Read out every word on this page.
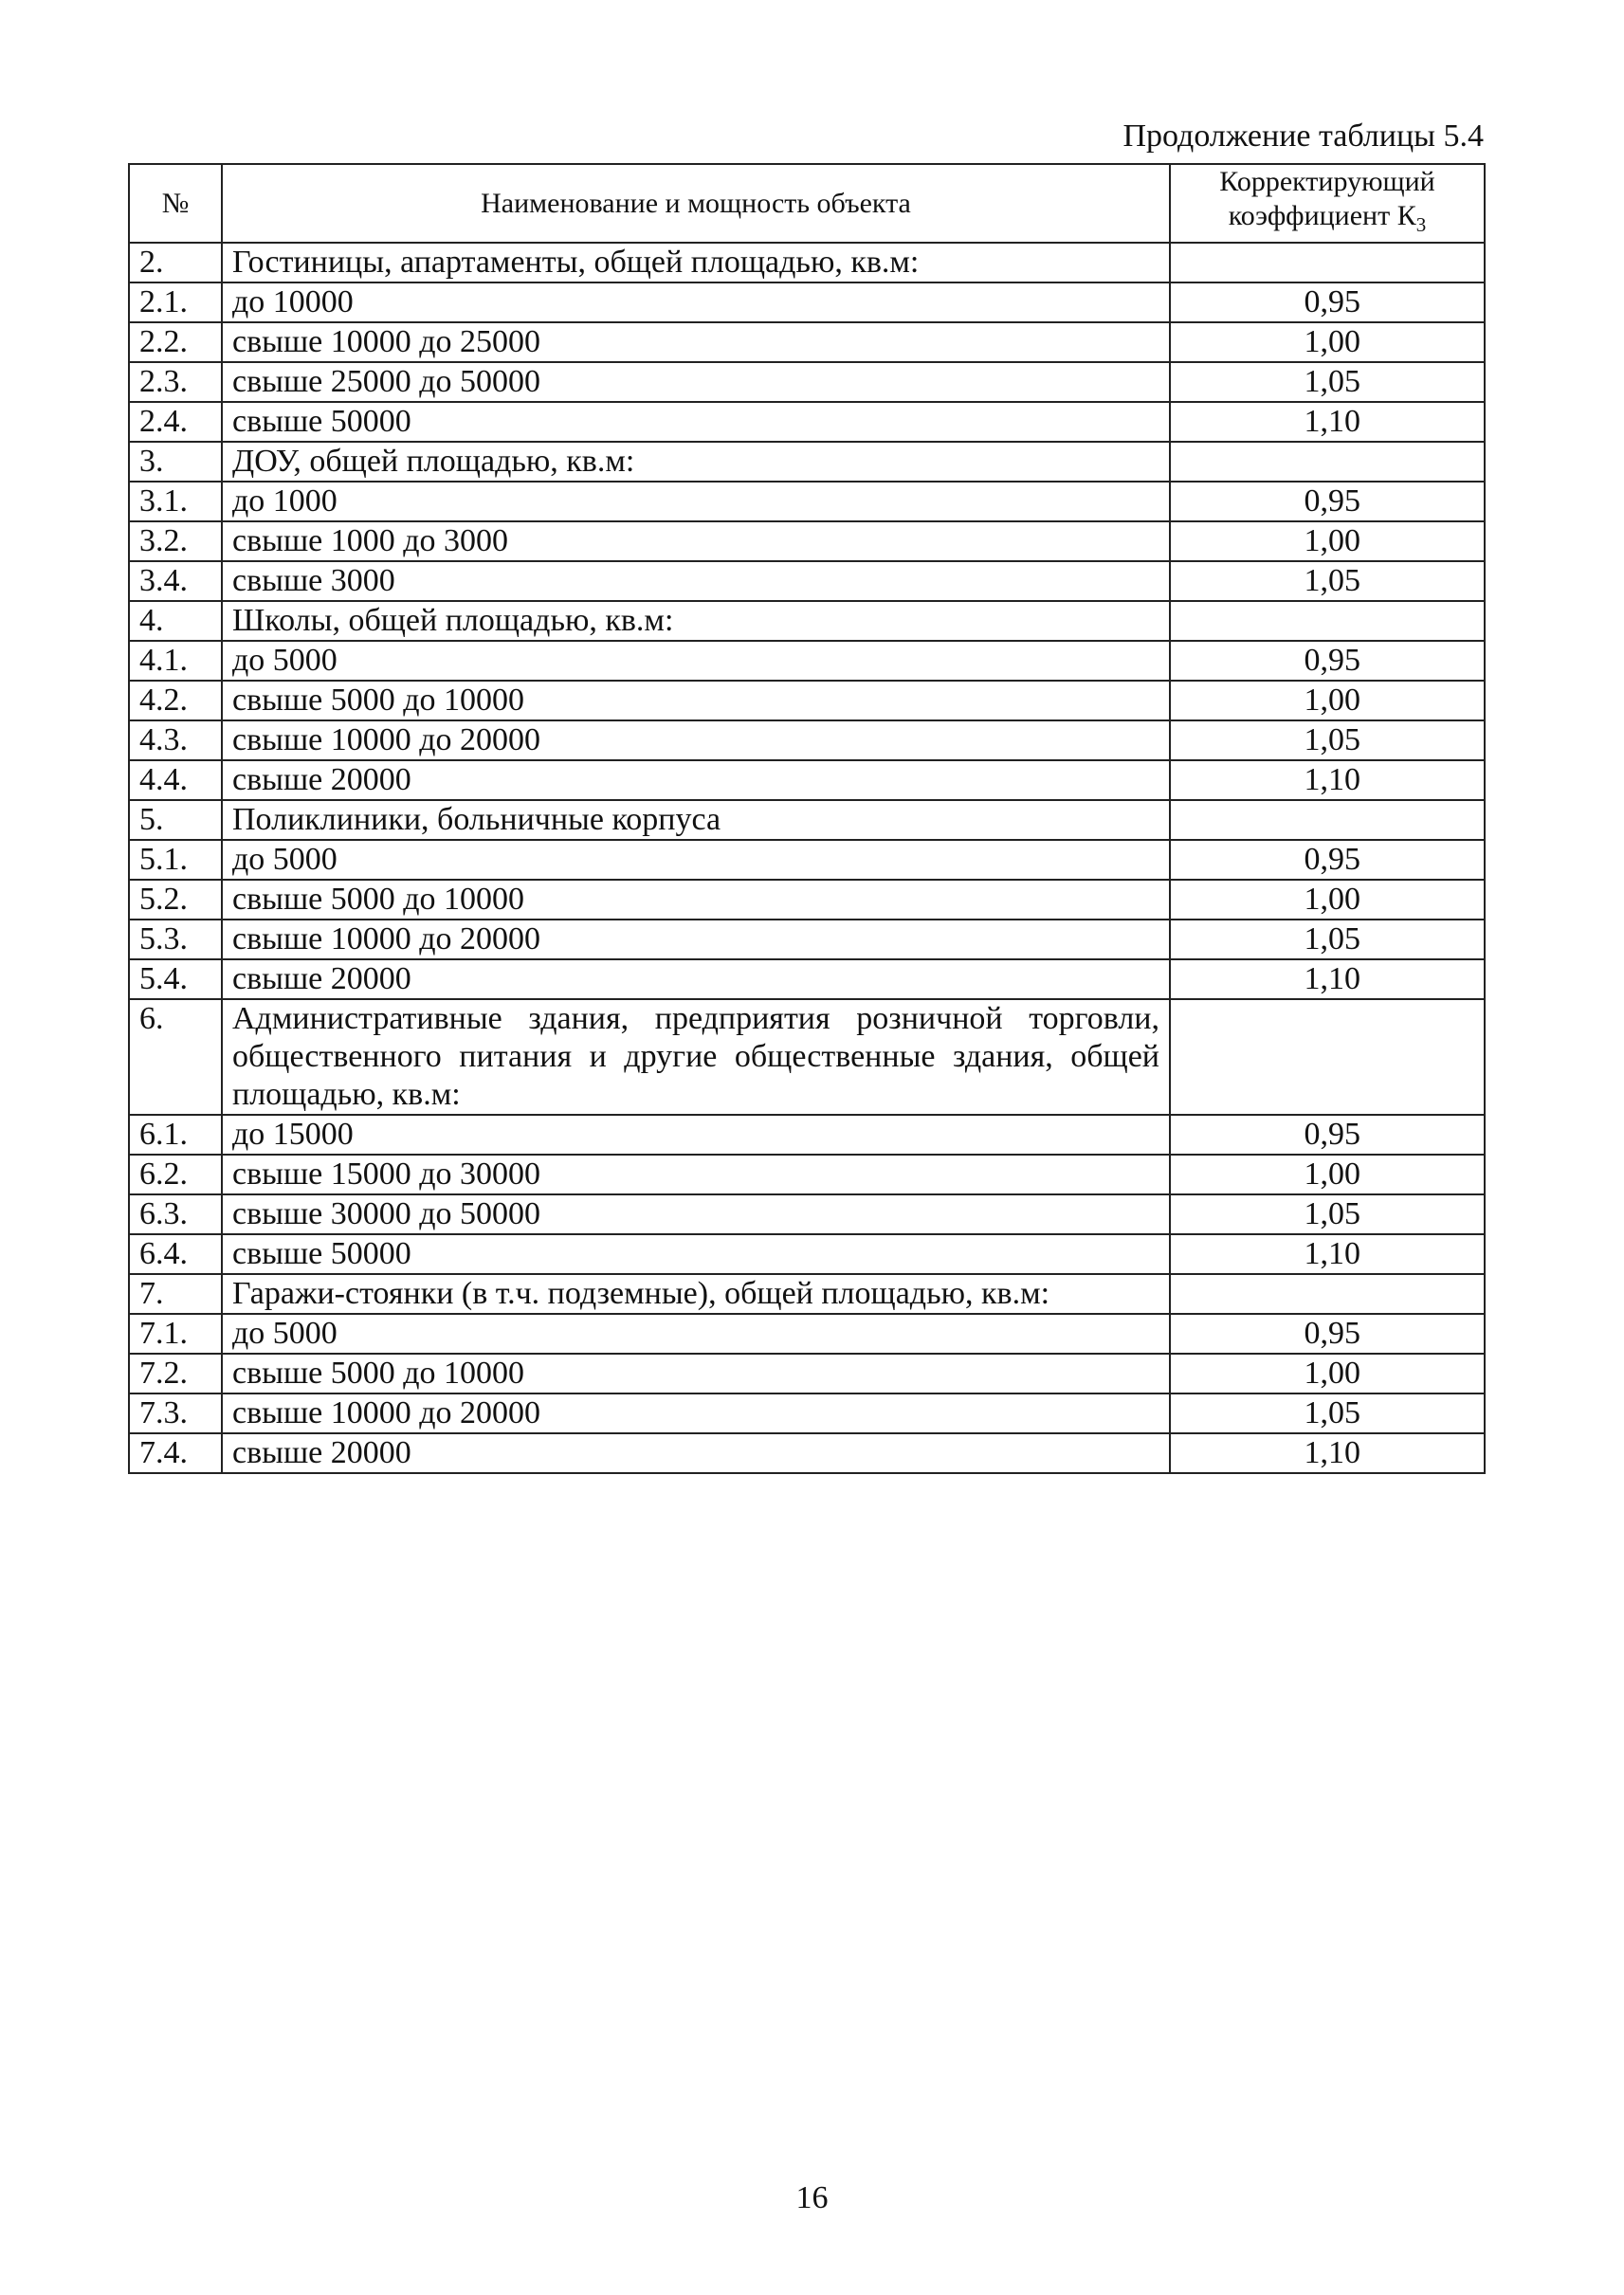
Продолжение таблицы 5.4
№	Наименование и мощность объекта	Корректирующий
коэффициент $К_3$
2.	Гостиницы, апартаменты, общей площадью, кв.м:	
2.1.	до 10000	0,95
2.2.	свыше 10000 до 25000	1,00
2.3.	свыше 25000 до 50000	1,05
2.4.	свыше 50000	1,10
3.	ДОУ, общей площадью, кв.м:	
3.1.	до 1000	0,95
3.2.	свыше 1000 до 3000	1,00
3.4.	свыше 3000	1,05
4.	Школы, общей площадью, кв.м:	
4.1.	до 5000	0,95
4.2.	свыше 5000 до 10000	1,00
4.3.	свыше 10000 до 20000	1,05
4.4.	свыше 20000	1,10
5.	Поликлиники, больничные корпуса	
5.1.	до 5000	0,95
5.2.	свыше 5000 до 10000	1,00
5.3.	свыше 10000 до 20000	1,05
5.4.	свыше 20000	1,10
6.	Административные здания, предприятия розничной торговли, общественного питания и другие общественные здания, общей площадью, кв.м:	
6.1.	до 15000	0,95
6.2.	свыше 15000 до 30000	1,00
6.3.	свыше 30000 до 50000	1,05
6.4.	свыше 50000	1,10
7.	Гаражи-стоянки (в т.ч. подземные), общей площадью, кв.м:	
7.1.	до 5000	0,95
7.2.	свыше 5000 до 10000	1,00
7.3.	свыше 10000 до 20000	1,05
7.4.	свыше 20000	1,10
16
